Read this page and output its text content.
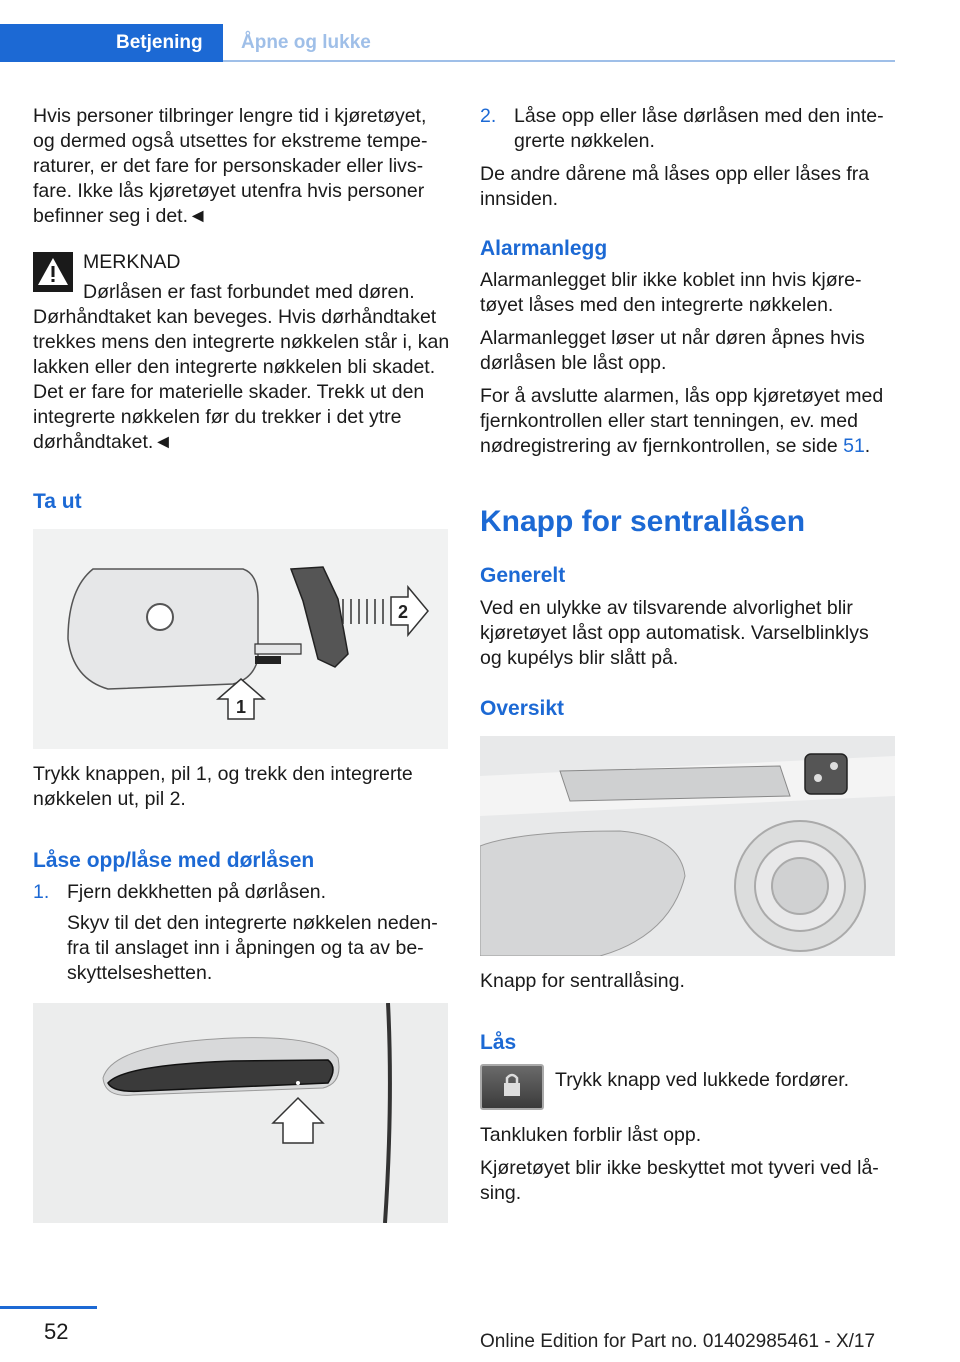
Betjening Åpne og lukke

Hvis personer tilbringer lengre tid i kjøretøyet, og dermed også utsettes for ekstreme temperaturer, er det fare for personskader eller livsfare. Ikke lås kjøretøyet utenfra hvis personer befinner seg i det.◄

MERKNAD

Dørlåsen er fast forbundet med døren.

Dørhåndtaket kan beveges. Hvis dørhåndtaket trekkes mens den integrerte nøkkelen står i, kan lakken eller den integrerte nøkkelen bli skadet. Det er fare for materielle skader. Trekk ut den integrerte nøkkelen før du trekker i det ytre dørhåndtaket.◄

Ta ut
2
1

Trykk knappen, pil 1, og trekk den integrerte nøkkelen ut, pil 2.

Låse opp/låse med dørlåsen
1. Fjern dekkhetten på dørlåsen.

Skyv til det den integrerte nøkkelen nedenfra til anslaget inn i åpningen og ta av beskyttelseshetten.

2. Låse opp eller låse dørlåsen med den integrerte nøkkelen.

De andre dårene må låses opp eller låses fra innsiden.

Alarmanlegg

Alarmanlegget blir ikke koblet inn hvis kjøretøyet låses med den integrerte nøkkelen.

Alarmanlegget løser ut når døren åpnes hvis dørlåsen ble låst opp.

For å avslutte alarmen, lås opp kjøretøyet med fjernkontrollen eller start tenningen, ev. med nødregistrering av fjernkontrollen, se side 51.

Knapp for sentrallåsen
Generelt

Ved en ulykke av tilsvarende alvorlighet blir kjøretøyet låst opp automatisk. Varselblinklys og kupélys blir slått på.

Oversikt

Knapp for sentrallåsing.

Lås

Trykk knapp ved lukkede fordører.

Tankluken forblir låst opp.

Kjøretøyet blir ikke beskyttet mot tyveri ved låsing.

52	Online Edition for Part no. 01402985461 - X/17
